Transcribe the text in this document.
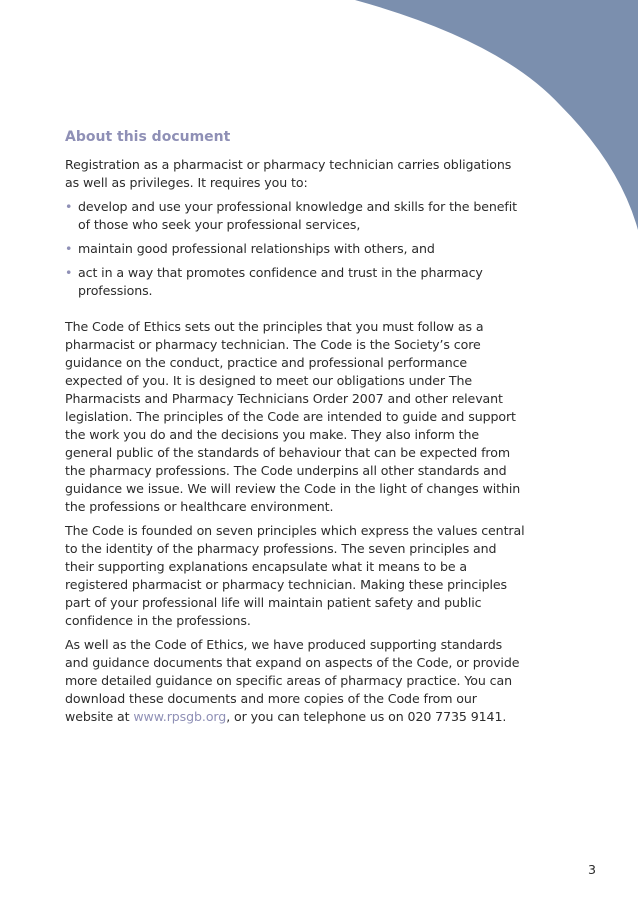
About this document

Registration as a pharmacist or pharmacy technician carries obligations as well as privileges. It requires you to:

• develop and use your professional knowledge and skills for the benefit of those who seek your professional services,
• maintain good professional relationships with others, and
• act in a way that promotes confidence and trust in the pharmacy professions.

The Code of Ethics sets out the principles that you must follow as a pharmacist or pharmacy technician. The Code is the Society’s core guidance on the conduct, practice and professional performance expected of you. It is designed to meet our obligations under The Pharmacists and Pharmacy Technicians Order 2007 and other relevant legislation. The principles of the Code are intended to guide and support the work you do and the decisions you make. They also inform the general public of the standards of behaviour that can be expected from the pharmacy professions. The Code underpins all other standards and guidance we issue. We will review the Code in the light of changes within the professions or healthcare environment.

The Code is founded on seven principles which express the values central to the identity of the pharmacy professions. The seven principles and their supporting explanations encapsulate what it means to be a registered pharmacist or pharmacy technician. Making these principles part of your professional life will maintain patient safety and public confidence in the professions.

As well as the Code of Ethics, we have produced supporting standards and guidance documents that expand on aspects of the Code, or provide more detailed guidance on specific areas of pharmacy practice. You can download these documents and more copies of the Code from our website at www.rpsgb.org, or you can telephone us on 020 7735 9141.

3
